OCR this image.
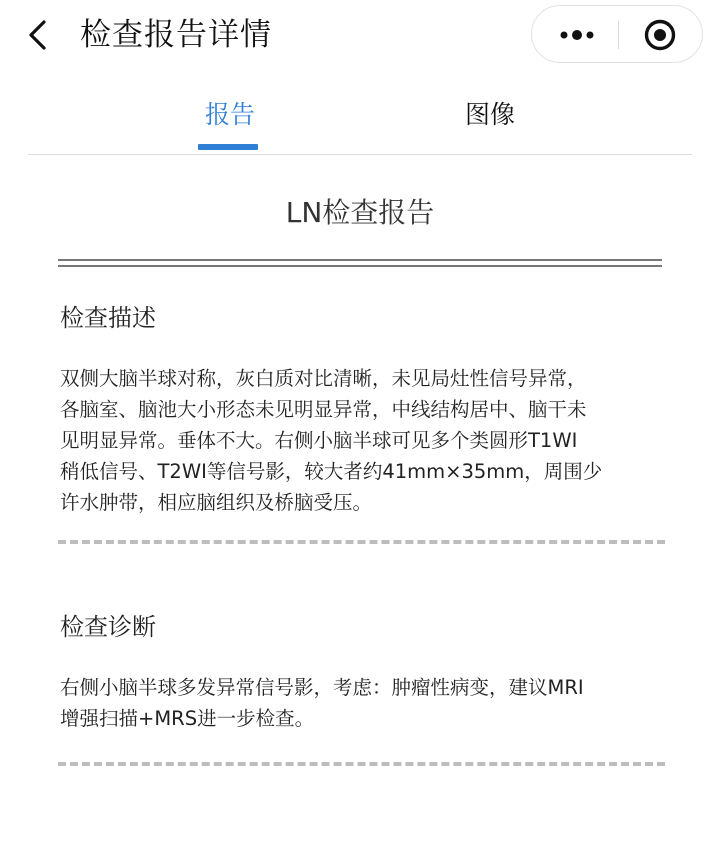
检查报告详情
报告	图像
LN检查报告
检查描述
双侧大脑半球对称，灰白质对比清晰，未见局灶性信号异常，
各脑室、脑池大小形态未见明显异常，中线结构居中、脑干未
见明显异常。垂体不大。右侧小脑半球可见多个类圆形T1WI
稍低信号、T2WI等信号影，较大者约41mm×35mm，周围少
许水肿带，相应脑组织及桥脑受压。
检查诊断
右侧小脑半球多发异常信号影，考虑：肿瘤性病变，建议MRI
增强扫描+MRS进一步检查。
